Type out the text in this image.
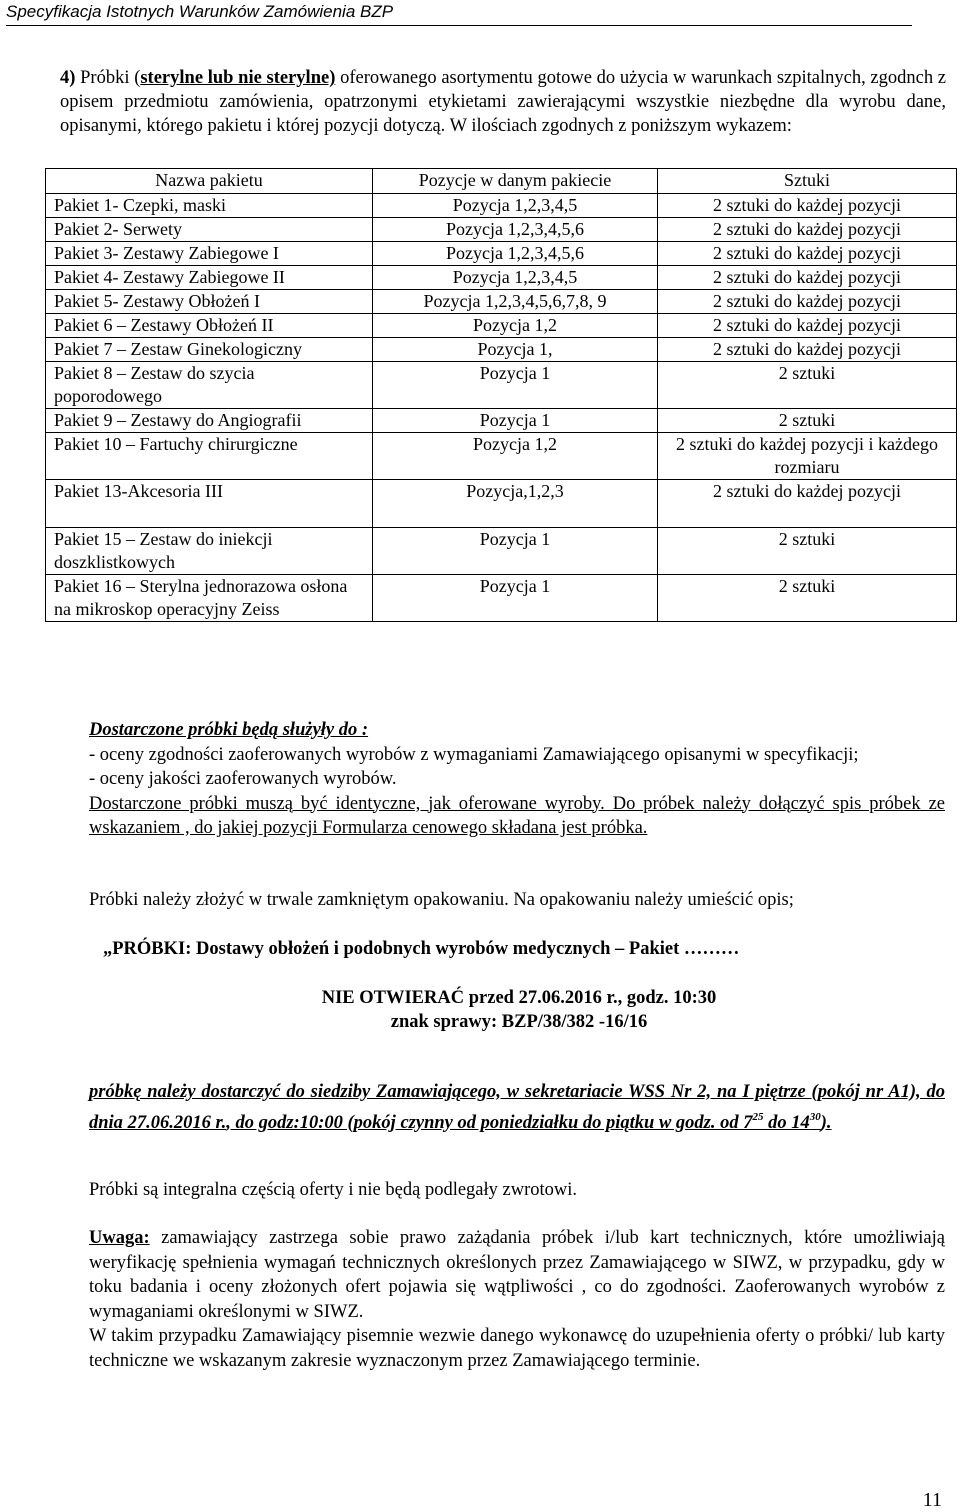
Specyfikacja Istotnych Warunków Zamówienia BZP
4) Próbki (sterylne lub nie sterylne) oferowanego asortymentu gotowe do użycia w warunkach szpitalnych, zgodnch z opisem przedmiotu zamówienia, opatrzonymi etykietami zawierającymi wszystkie niezbędne dla wyrobu dane, opisanymi, którego pakietu i której pozycji dotyczą. W ilościach zgodnych z poniższym wykazem:
Nazwa pakietu	Pozycje w danym pakiecie	Sztuki
Pakiet 1- Czepki, maski	Pozycja 1,2,3,4,5	2 sztuki do każdej pozycji
Pakiet 2- Serwety	Pozycja 1,2,3,4,5,6	2 sztuki do każdej pozycji
Pakiet 3- Zestawy Zabiegowe I	Pozycja 1,2,3,4,5,6	2 sztuki do każdej pozycji
Pakiet 4- Zestawy Zabiegowe II	Pozycja 1,2,3,4,5	2 sztuki do każdej pozycji
Pakiet 5- Zestawy Obłożeń I	Pozycja 1,2,3,4,5,6,7,8, 9	2 sztuki do każdej pozycji
Pakiet 6 – Zestawy Obłożeń II	Pozycja 1,2	2 sztuki do każdej pozycji
Pakiet 7 – Zestaw Ginekologiczny	Pozycja 1,	2 sztuki do każdej pozycji
Pakiet 8 – Zestaw do szycia poporodowego	Pozycja 1	2 sztuki
Pakiet 9 – Zestawy do Angiografii	Pozycja 1	2 sztuki
Pakiet 10 – Fartuchy chirurgiczne	Pozycja 1,2	2 sztuki do każdej pozycji i każdego rozmiaru
Pakiet 13-Akcesoria III	Pozycja,1,2,3	2 sztuki do każdej pozycji
Pakiet 15 – Zestaw do iniekcji doszklistkowych	Pozycja 1	2 sztuki
Pakiet 16 – Sterylna jednorazowa osłona na mikroskop operacyjny Zeiss	Pozycja 1	2 sztuki
Dostarczone próbki będą służyły do :
- oceny zgodności zaoferowanych wyrobów z wymaganiami Zamawiającego opisanymi w specyfikacji;
- oceny jakości zaoferowanych wyrobów.
Dostarczone próbki muszą być identyczne, jak oferowane wyroby. Do próbek należy dołączyć spis próbek ze wskazaniem , do jakiej pozycji Formularza cenowego składana jest próbka.
Próbki należy złożyć w trwale zamkniętym opakowaniu. Na opakowaniu należy umieścić opis;
„PRÓBKI: Dostawy obłożeń i podobnych wyrobów medycznych – Pakiet ………
NIE OTWIERAĆ przed 27.06.2016 r., godz. 10:30
znak sprawy: BZP/38/382 -16/16
próbkę należy dostarczyć do siedziby Zamawiającego, w sekretariacie WSS Nr 2, na I piętrze (pokój nr A1), do dnia 27.06.2016 r., do godz:10:00 (pokój czynny od poniedziałku do piątku w godz. od $7^{25}$ do $14^{30}$).
Próbki są integralna częścią oferty i nie będą podlegały zwrotowi.
Uwaga: zamawiający zastrzega sobie prawo zażądania próbek i/lub kart technicznych, które umożliwiają weryfikację spełnienia wymagań technicznych określonych przez Zamawiającego w SIWZ, w przypadku, gdy w toku badania i oceny złożonych ofert pojawia się wątpliwości , co do zgodności. Zaoferowanych wyrobów z wymaganiami określonymi w SIWZ.
W takim przypadku Zamawiający pisemnie wezwie danego wykonawcę do uzupełnienia oferty o próbki/ lub karty techniczne we wskazanym zakresie wyznaczonym przez Zamawiającego terminie.
11
